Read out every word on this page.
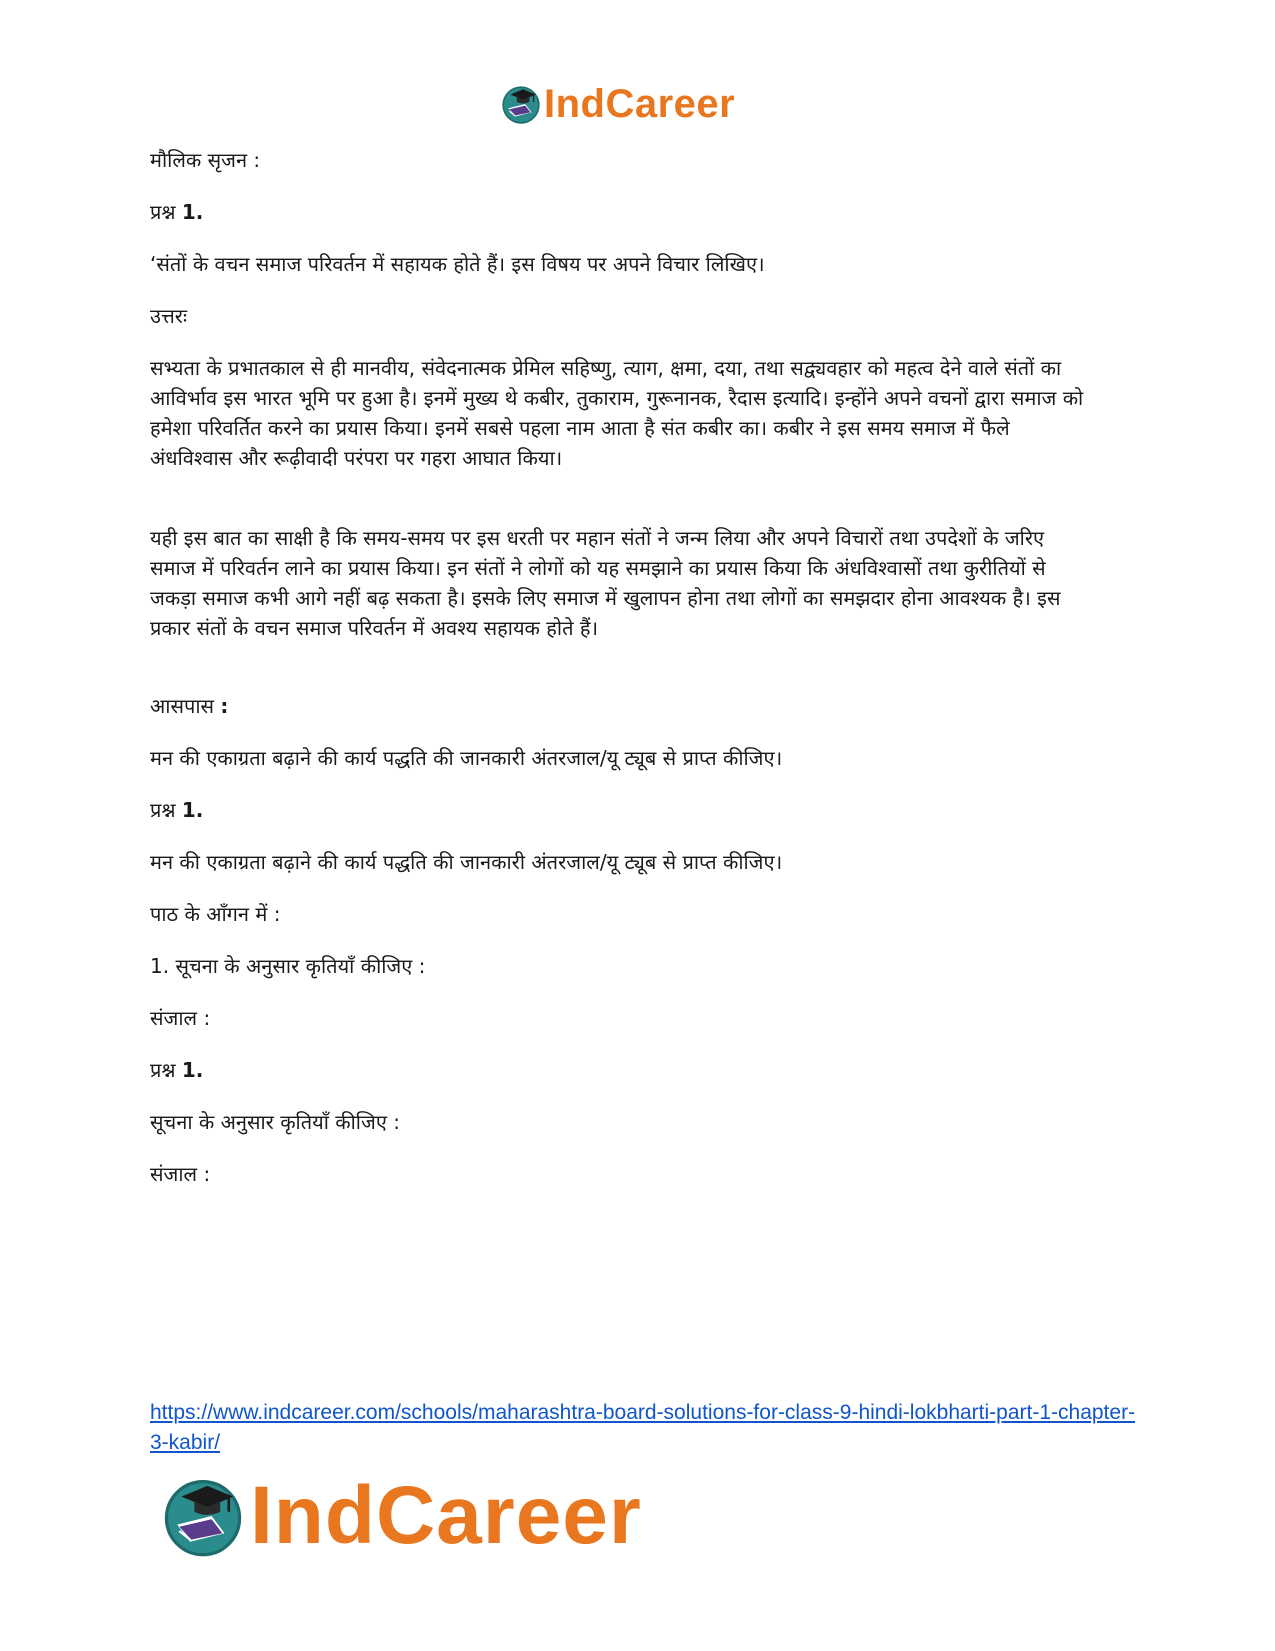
IndCareer

मौलिक सृजन :

प्रश्न 1.

‘संतों के वचन समाज परिवर्तन में सहायक होते हैं। इस विषय पर अपने विचार लिखिए।

उत्तरः

सभ्यता के प्रभातकाल से ही मानवीय, संवेदनात्मक प्रेमिल सहिष्णु, त्याग, क्षमा, दया, तथा सद्व्यवहार को महत्व देने वाले संतों का आविर्भाव इस भारत भूमि पर हुआ है। इनमें मुख्य थे कबीर, तुकाराम, गुरूनानक, रैदास इत्यादि। इन्होंने अपने वचनों द्वारा समाज को हमेशा परिवर्तित करने का प्रयास किया। इनमें सबसे पहला नाम आता है संत कबीर का। कबीर ने इस समय समाज में फैले अंधविश्वास और रूढ़ीवादी परंपरा पर गहरा आघात किया।

यही इस बात का साक्षी है कि समय-समय पर इस धरती पर महान संतों ने जन्म लिया और अपने विचारों तथा उपदेशों के जरिए समाज में परिवर्तन लाने का प्रयास किया। इन संतों ने लोगों को यह समझाने का प्रयास किया कि अंधविश्वासों तथा कुरीतियों से जकड़ा समाज कभी आगे नहीं बढ़ सकता है। इसके लिए समाज में खुलापन होना तथा लोगों का समझदार होना आवश्यक है। इस प्रकार संतों के वचन समाज परिवर्तन में अवश्य सहायक होते हैं।

आसपास :

मन की एकाग्रता बढ़ाने की कार्य पद्धति की जानकारी अंतरजाल/यू ट्यूब से प्राप्त कीजिए।

प्रश्न 1.

मन की एकाग्रता बढ़ाने की कार्य पद्धति की जानकारी अंतरजाल/यू ट्यूब से प्राप्त कीजिए।

पाठ के आँगन में :

1. सूचना के अनुसार कृतियाँ कीजिए :

संजाल :

प्रश्न 1.

सूचना के अनुसार कृतियाँ कीजिए :

संजाल :

https://www.indcareer.com/schools/maharashtra-board-solutions-for-class-9-hindi-lokbharti-part-1-chapter-3-kabir/
IndCareer
